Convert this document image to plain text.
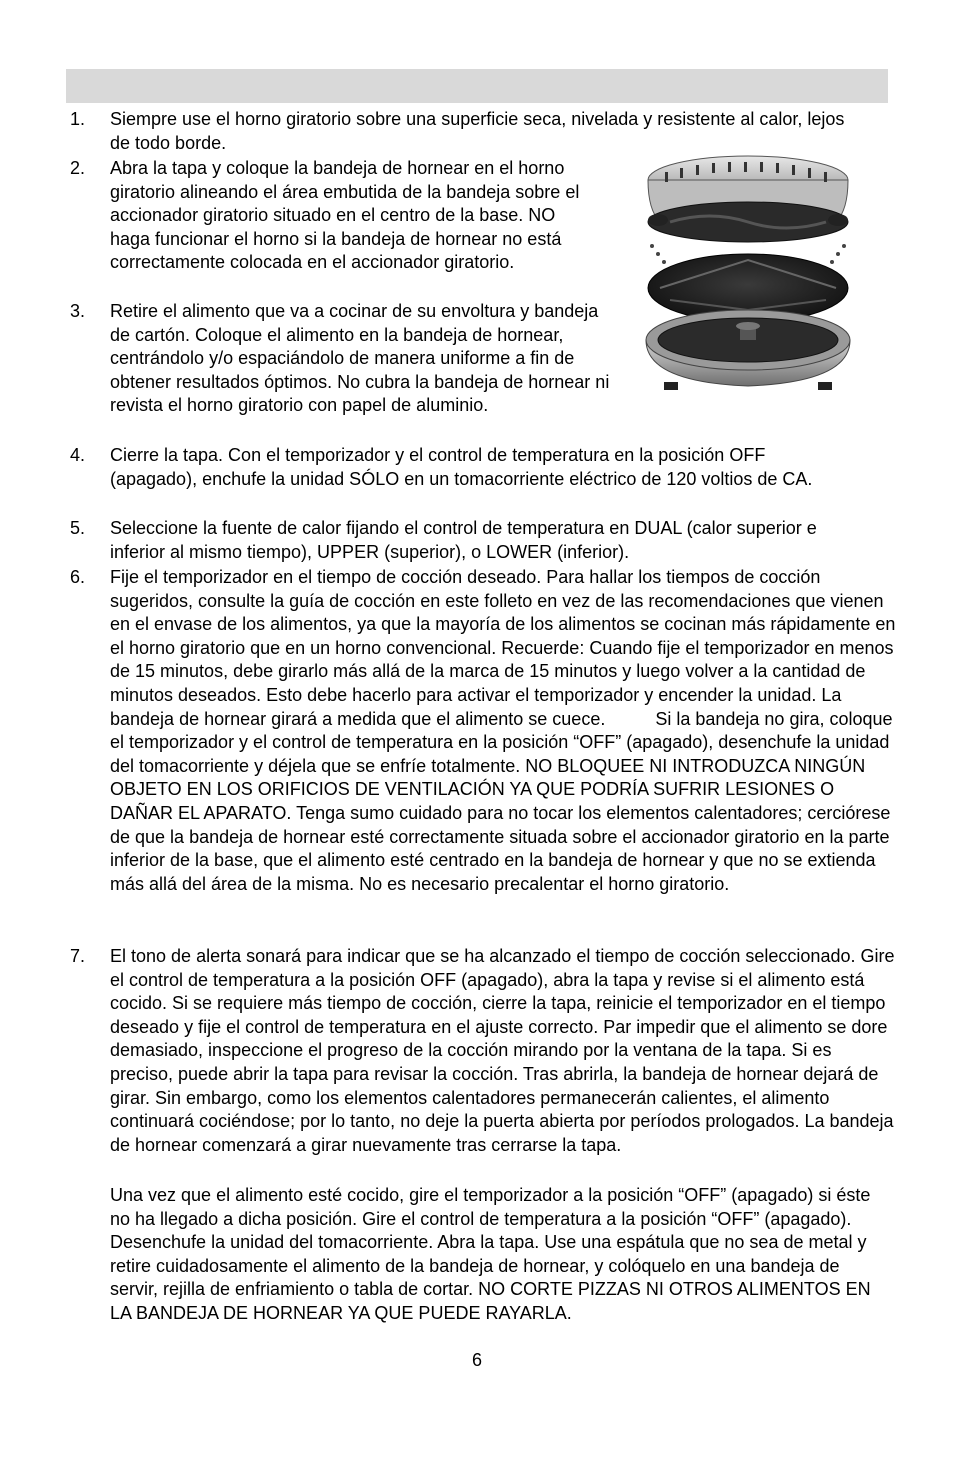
1. Siempre use el horno giratorio sobre una superficie seca, nivelada y resistente al calor, lejos de todo borde.
2. Abra la tapa y coloque la bandeja de hornear en el horno giratorio alineando el área embutida de la bandeja sobre el accionador giratorio situado en el centro de la base. NO haga funcionar el horno si la bandeja de hornear no está correctamente colocada en el accionador giratorio.
3. Retire el alimento que va a cocinar de su envoltura y bandeja de cartón. Coloque el alimento en la bandeja de hornear, centrándolo y/o espaciándolo de manera uniforme a fin de obtener resultados óptimos. No cubra la bandeja de hornear ni revista el horno giratorio con papel de aluminio.
4. Cierre la tapa. Con el temporizador y el control de temperatura en la posición OFF (apagado), enchufe la unidad SÓLO en un tomacorriente eléctrico de 120 voltios de CA.
5. Seleccione la fuente de calor fijando el control de temperatura en DUAL (calor superior e inferior al mismo tiempo), UPPER (superior), o LOWER (inferior).
6. Fije el temporizador en el tiempo de cocción deseado. Para hallar los tiempos de cocción sugeridos, consulte la guía de cocción en este folleto en vez de las recomendaciones que vienen en el envase de los alimentos, ya que la mayoría de los alimentos se cocinan más rápidamente en el horno giratorio que en un horno convencional. Recuerde: Cuando fije el temporizador en menos de 15 minutos, debe girarlo más allá de la marca de 15 minutos y luego volver a la cantidad de minutos deseados. Esto debe hacerlo para activar el temporizador y encender la unidad. La bandeja de hornear girará a medida que el alimento se cuece.          Si la bandeja no gira, coloque el temporizador y el control de temperatura en la posición “OFF” (apagado), desenchufe la unidad del tomacorriente y déjela que se enfríe totalmente. NO BLOQUEE NI INTRODUZCA NINGÚN OBJETO EN LOS ORIFICIOS DE VENTILACIÓN YA QUE PODRÍA SUFRIR LESIONES O DAÑAR EL APARATO. Tenga sumo cuidado para no tocar los elementos calentadores; cerciórese de que la bandeja de hornear esté correctamente situada sobre el accionador giratorio en la parte inferior de la base, que el alimento esté centrado en la bandeja de hornear y que no se extienda más allá del área de la misma. No es necesario precalentar el horno giratorio.
7. El tono de alerta sonará para indicar que se ha alcanzado el tiempo de cocción seleccionado. Gire el control de temperatura a la posición OFF (apagado), abra la tapa y revise si el alimento está cocido. Si se requiere más tiempo de cocción, cierre la tapa, reinicie el temporizador en el tiempo deseado y fije el control de temperatura en el ajuste correcto. Par impedir que el alimento se dore demasiado, inspeccione el progreso de la cocción mirando por la ventana de la tapa. Si es preciso, puede abrir la tapa para revisar la cocción. Tras abrirla, la bandeja de hornear dejará de girar. Sin embargo, como los elementos calentadores permanecerán calientes, el alimento continuará cociéndose; por lo tanto, no deje la puerta abierta por períodos prologados. La bandeja de hornear comenzará a girar nuevamente tras cerrarse la tapa.
Una vez que el alimento esté cocido, gire el temporizador a la posición “OFF” (apagado) si éste no ha llegado a dicha posición. Gire el control de temperatura a la posición “OFF” (apagado). Desenchufe la unidad del tomacorriente. Abra la tapa. Use una espátula que no sea de metal y retire cuidadosamente el alimento de la bandeja de hornear, y colóquelo en una bandeja de servir, rejilla de enfriamiento o tabla de cortar. NO CORTE PIZZAS NI OTROS ALIMENTOS EN LA BANDEJA DE HORNEAR YA QUE PUEDE RAYARLA.
6
